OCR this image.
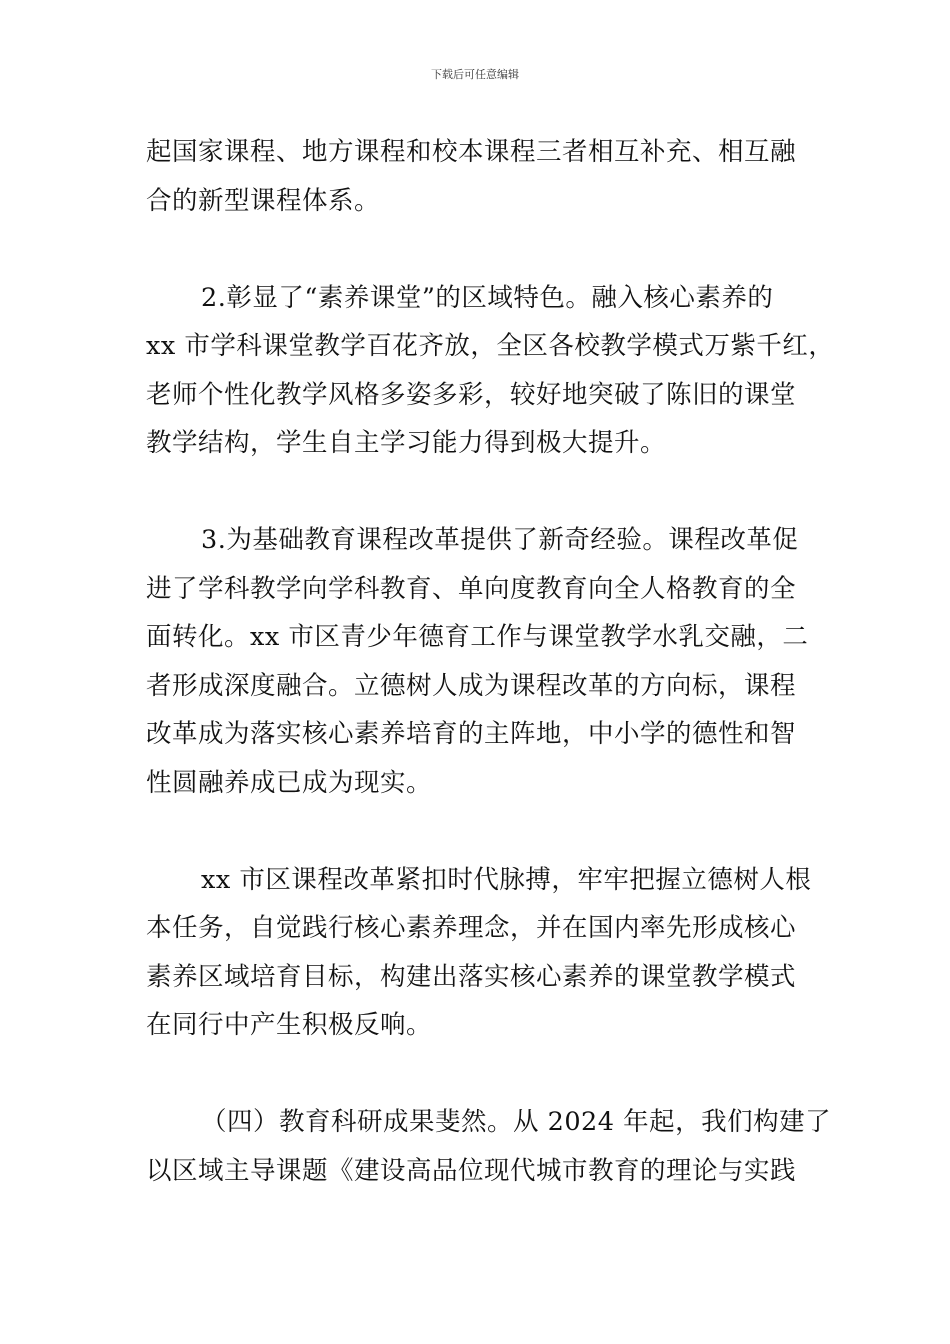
下载后可任意编辑
起国家课程、地方课程和校本课程三者相互补充、相互融
合的新型课程体系。
2.彰显了“素养课堂”的区域特色。融入核心素养的
xx 市学科课堂教学百花齐放，全区各校教学模式万紫千红，
老师个性化教学风格多姿多彩，较好地突破了陈旧的课堂
教学结构，学生自主学习能力得到极大提升。
3.为基础教育课程改革提供了新奇经验。课程改革促
进了学科教学向学科教育、单向度教育向全人格教育的全
面转化。xx 市区青少年德育工作与课堂教学水乳交融，二
者形成深度融合。立德树人成为课程改革的方向标，课程
改革成为落实核心素养培育的主阵地，中小学的德性和智
性圆融养成已成为现实。
xx 市区课程改革紧扣时代脉搏，牢牢把握立德树人根
本任务，自觉践行核心素养理念，并在国内率先形成核心
素养区域培育目标，构建出落实核心素养的课堂教学模式
在同行中产生积极反响。
（四）教育科研成果斐然。从 2024 年起，我们构建了
以区域主导课题《建设高品位现代城市教育的理论与实践
